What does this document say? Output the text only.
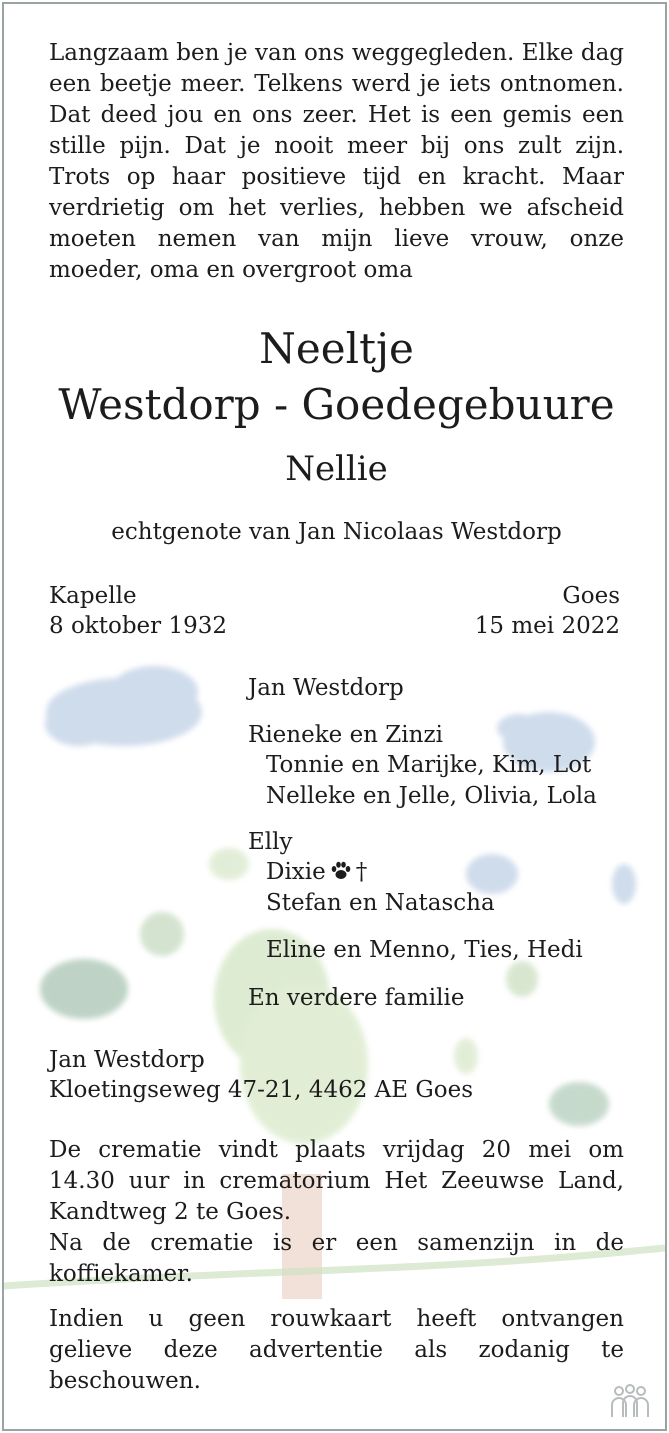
Langzaam ben je van ons weggegleden. Elke dag een beetje meer. Telkens werd je iets ontnomen. Dat deed jou en ons zeer. Het is een gemis een stille pijn. Dat je nooit meer bij ons zult zijn. Trots op haar positieve tijd en kracht. Maar verdrietig om het verlies, hebben we afscheid moeten nemen van mijn lieve vrouw, onze moeder, oma en overgroot oma
Neeltje
Westdorp - Goedegebuure
Nellie
echtgenote van Jan Nicolaas Westdorp
Kapelle
8 oktober 1932
Goes
15 mei 2022
Jan Westdorp
Rieneke en Zinzi
Tonnie en Marijke, Kim, Lot
Nelleke en Jelle, Olivia, Lola
Elly
Dixie †
Stefan en Natascha
Eline en Menno, Ties, Hedi
En verdere familie
Jan Westdorp
Kloetingseweg 47-21, 4462 AE Goes
De crematie vindt plaats vrijdag 20 mei om 14.30 uur in crematorium Het Zeeuwse Land, Kandtweg 2 te Goes.
Na de crematie is er een samenzijn in de koffiekamer.
Indien u geen rouwkaart heeft ontvangen gelieve deze advertentie als zodanig te beschouwen.
